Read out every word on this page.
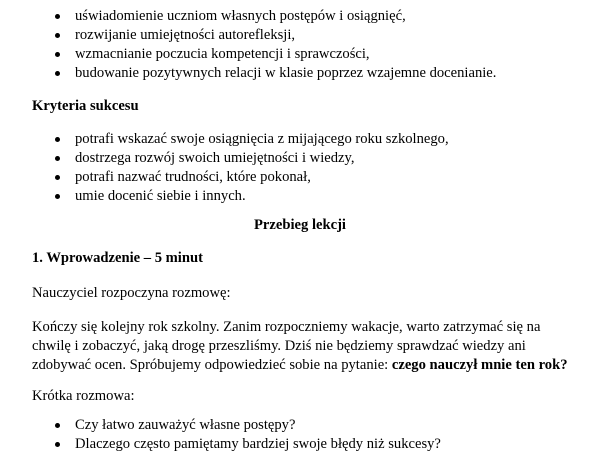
uświadomienie uczniom własnych postępów i osiągnięć,
rozwijanie umiejętności autorefleksji,
wzmacnianie poczucia kompetencji i sprawczości,
budowanie pozytywnych relacji w klasie poprzez wzajemne docenianie.
Kryteria sukcesu
potrafi wskazać swoje osiągnięcia z mijającego roku szkolnego,
dostrzega rozwój swoich umiejętności i wiedzy,
potrafi nazwać trudności, które pokonał,
umie docenić siebie i innych.
Przebieg lekcji
1. Wprowadzenie – 5 minut
Nauczyciel rozpoczyna rozmowę:
Kończy się kolejny rok szkolny. Zanim rozpoczniemy wakacje, warto zatrzymać się na
chwilę i zobaczyć, jaką drogę przeszliśmy. Dziś nie będziemy sprawdzać wiedzy ani
zdobywać ocen. Spróbujemy odpowiedzieć sobie na pytanie: czego nauczył mnie ten rok?
Krótka rozmowa:
Czy łatwo zauważyć własne postępy?
Dlaczego często pamiętamy bardziej swoje błędy niż sukcesy?
